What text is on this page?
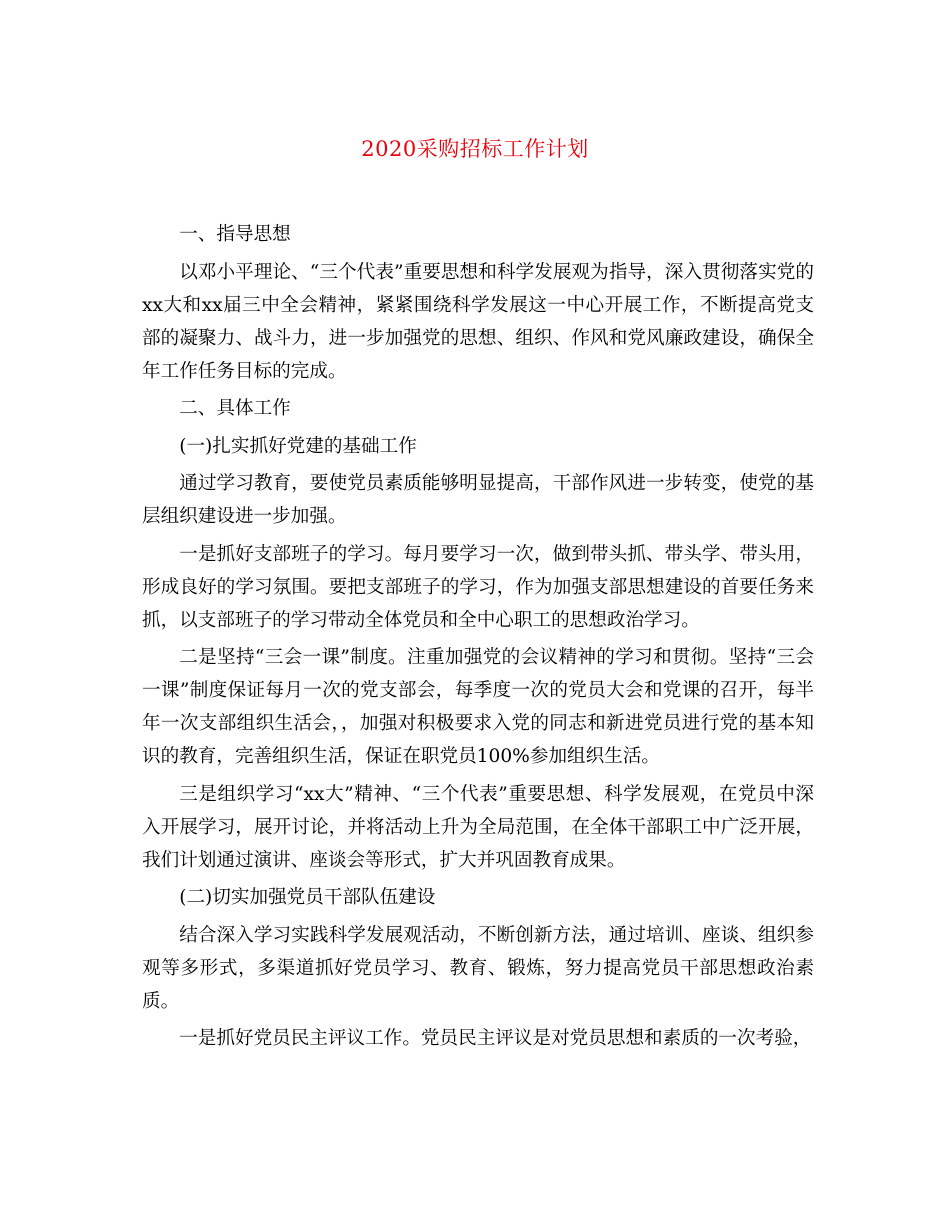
2020采购招标工作计划

一、指导思想

以邓小平理论、“三个代表”重要思想和科学发展观为指导，深入贯彻落实党的xx大和xx届三中全会精神，紧紧围绕科学发展这一中心开展工作，不断提高党支部的凝聚力、战斗力，进一步加强党的思想、组织、作风和党风廉政建设，确保全年工作任务目标的完成。

二、具体工作

(一)扎实抓好党建的基础工作

通过学习教育，要使党员素质能够明显提高，干部作风进一步转变，使党的基层组织建设进一步加强。

一是抓好支部班子的学习。每月要学习一次，做到带头抓、带头学、带头用，形成良好的学习氛围。要把支部班子的学习，作为加强支部思想建设的首要任务来抓，以支部班子的学习带动全体党员和全中心职工的思想政治学习。

二是坚持“三会一课”制度。注重加强党的会议精神的学习和贯彻。坚持“三会一课”制度保证每月一次的党支部会，每季度一次的党员大会和党课的召开，每半年一次支部组织生活会，，加强对积极要求入党的同志和新进党员进行党的基本知识的教育，完善组织生活，保证在职党员100%参加组织生活。

三是组织学习“xx大”精神、“三个代表”重要思想、科学发展观，在党员中深入开展学习，展开讨论，并将活动上升为全局范围，在全体干部职工中广泛开展，我们计划通过演讲、座谈会等形式，扩大并巩固教育成果。

(二)切实加强党员干部队伍建设

结合深入学习实践科学发展观活动，不断创新方法，通过培训、座谈、组织参观等多形式，多渠道抓好党员学习、教育、锻炼，努力提高党员干部思想政治素质。

一是抓好党员民主评议工作。党员民主评议是对党员思想和素质的一次考验，
